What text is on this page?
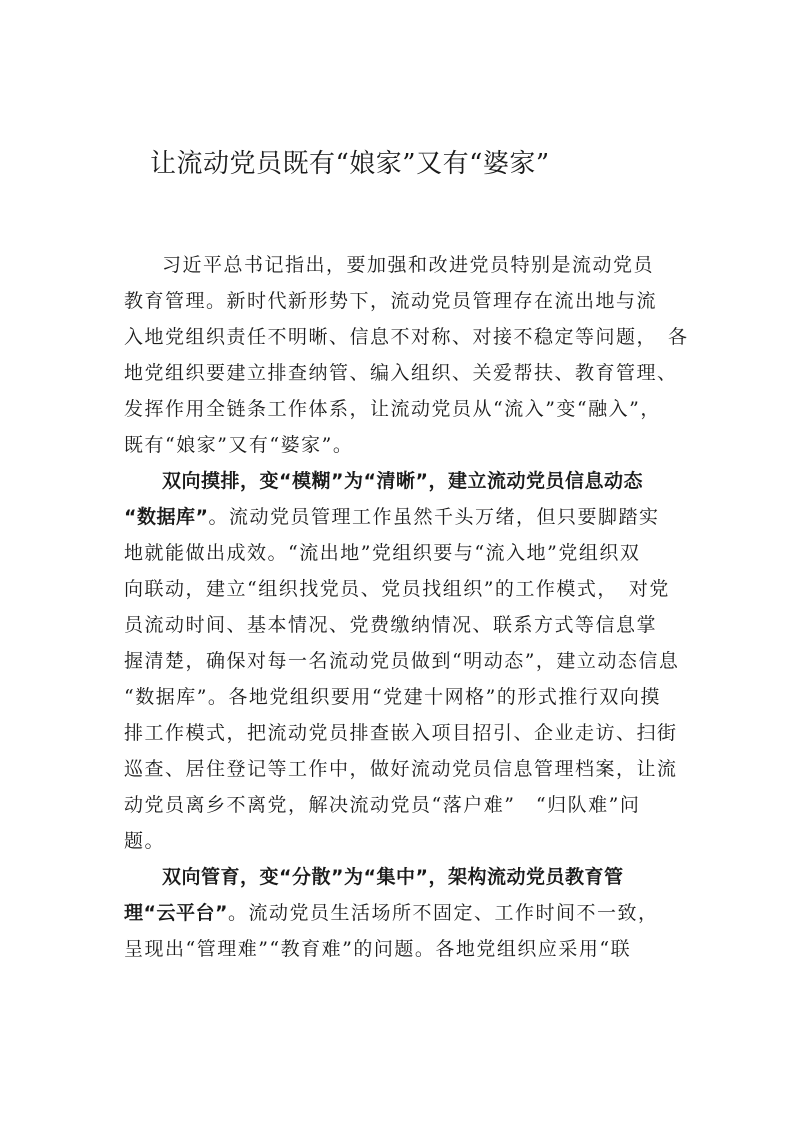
让流动党员既有“娘家”又有“婆家”
习近平总书记指出，要加强和改进党员特别是流动党员
教育管理。新时代新形势下，流动党员管理存在流出地与流
入地党组织责任不明晰、信息不对称、对接不稳定等问题，　各
地党组织要建立排查纳管、编入组织、关爱帮扶、教育管理、
发挥作用全链条工作体系，让流动党员从“流入”变“融入”，
既有“娘家”又有“婆家”。
双向摸排，变“模糊”为“清晰”，建立流动党员信息动态
“数据库”。流动党员管理工作虽然千头万绪，但只要脚踏实
地就能做出成效。“流出地”党组织要与“流入地”党组织双
向联动，建立“组织找党员、党员找组织”的工作模式，　对党
员流动时间、基本情况、党费缴纳情况、联系方式等信息掌
握清楚，确保对每一名流动党员做到“明动态”，建立动态信息
“数据库”。各地党组织要用“党建十网格”的形式推行双向摸
排工作模式，把流动党员排查嵌入项目招引、企业走访、扫街
巡查、居住登记等工作中，做好流动党员信息管理档案，让流
动党员离乡不离党，解决流动党员“落户难”　“归队难”问
题。
双向管育，变“分散”为“集中”，架构流动党员教育管
理“云平台”。流动党员生活场所不固定、工作时间不一致，
呈现出“管理难”“教育难”的问题。各地党组织应采用“联
